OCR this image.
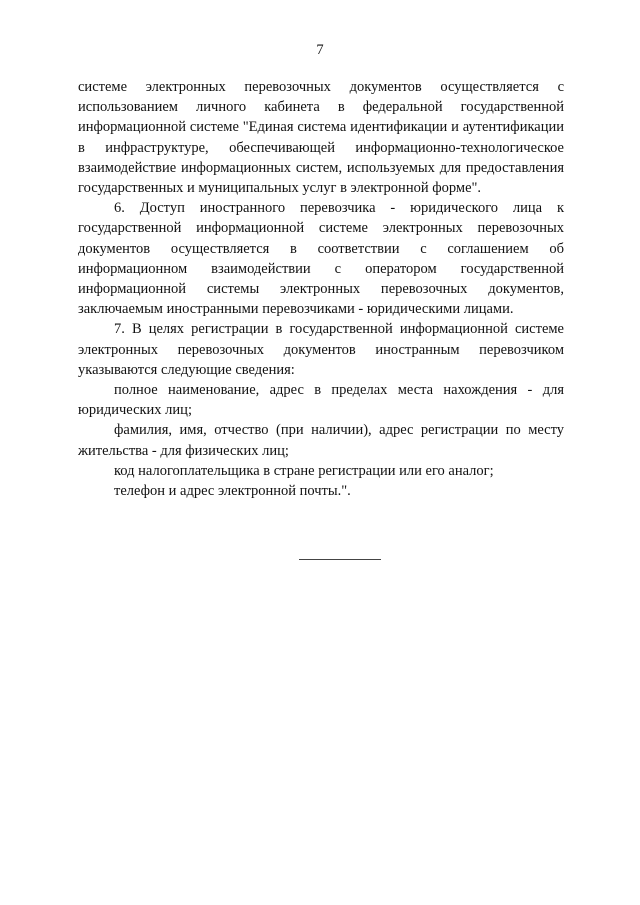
7

системе электронных перевозочных документов осуществляется с использованием личного кабинета в федеральной государственной информационной системе "Единая система идентификации и аутентификации в инфраструктуре, обеспечивающей информационно-технологическое взаимодействие информационных систем, используемых для предоставления государственных и муниципальных услуг в электронной форме".

6. Доступ иностранного перевозчика - юридического лица к государственной информационной системе электронных перевозочных документов осуществляется в соответствии с соглашением об информационном взаимодействии с оператором государственной информационной системы электронных перевозочных документов, заключаемым иностранными перевозчиками - юридическими лицами.

7. В целях регистрации в государственной информационной системе электронных перевозочных документов иностранным перевозчиком указываются следующие сведения:

полное наименование, адрес в пределах места нахождения - для юридических лиц;

фамилия, имя, отчество (при наличии), адрес регистрации по месту жительства - для физических лиц;

код налогоплательщика в стране регистрации или его аналог;

телефон и адрес электронной почты.".
